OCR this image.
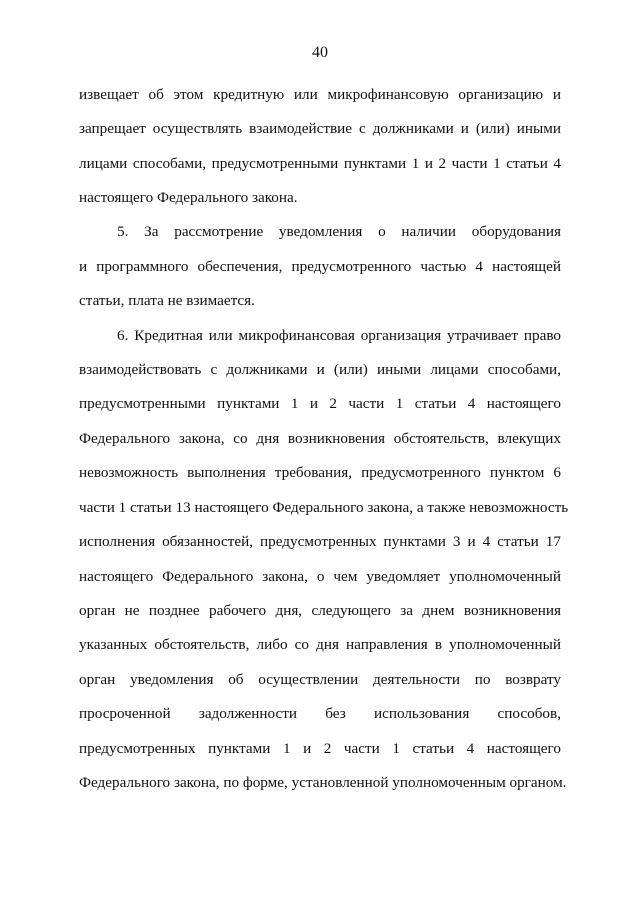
40
извещает об этом кредитную или микрофинансовую организацию и
запрещает осуществлять взаимодействие с должниками и (или) иными
лицами способами, предусмотренными пунктами 1 и 2 части 1 статьи 4
настоящего Федерального закона.
5. За рассмотрение уведомления о наличии оборудования
и программного обеспечения, предусмотренного частью 4 настоящей
статьи, плата не взимается.
6. Кредитная или микрофинансовая организация утрачивает право
взаимодействовать с должниками и (или) иными лицами способами,
предусмотренными пунктами 1 и 2 части 1 статьи 4 настоящего
Федерального закона, со дня возникновения обстоятельств, влекущих
невозможность выполнения требования, предусмотренного пунктом 6
части 1 статьи 13 настоящего Федерального закона, а также невозможность
исполнения обязанностей, предусмотренных пунктами 3 и 4 статьи 17
настоящего Федерального закона, о чем уведомляет уполномоченный
орган не позднее рабочего дня, следующего за днем возникновения
указанных обстоятельств, либо со дня направления в уполномоченный
орган уведомления об осуществлении деятельности по возврату
просроченной задолженности без использования способов,
предусмотренных пунктами 1 и 2 части 1 статьи 4 настоящего
Федерального закона, по форме, установленной уполномоченным органом.
